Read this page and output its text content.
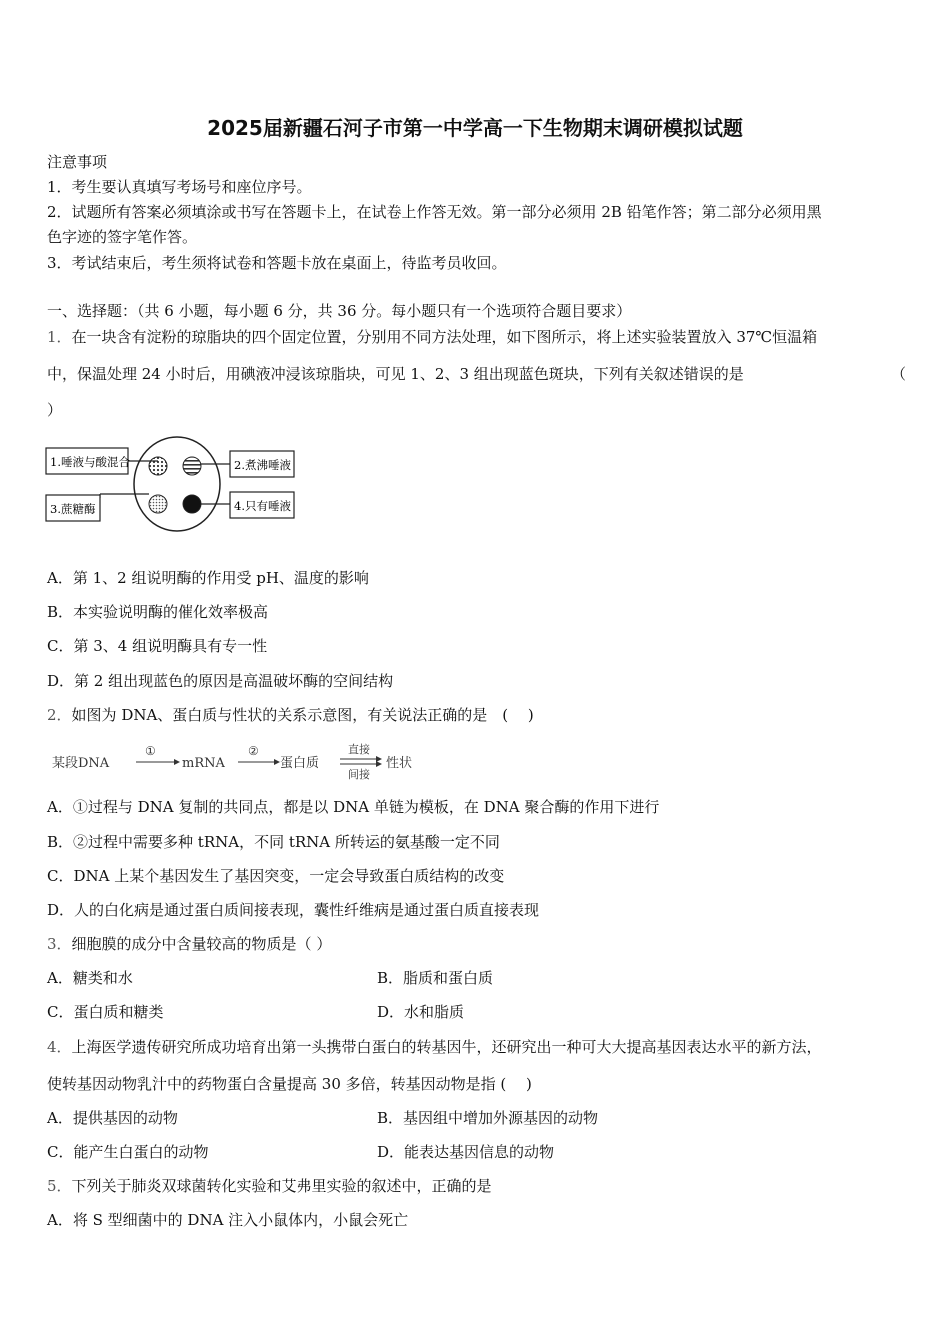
2025届新疆石河子市第一中学高一下生物期末调研模拟试题
注意事项
1．考生要认真填写考场号和座位序号。
2．试题所有答案必须填涂或书写在答题卡上，在试卷上作答无效。第一部分必须用 2B 铅笔作答；第二部分必须用黑
色字迹的签字笔作答。
3．考试结束后，考生须将试卷和答题卡放在桌面上，待监考员收回。
一、选择题：（共 6 小题，每小题 6 分，共 36 分。每小题只有一个选项符合题目要求）
1．在一块含有淀粉的琼脂块的四个固定位置，分别用不同方法处理，如下图所示，将上述实验装置放入 37℃恒温箱
中，保温处理 24 小时后，用碘液冲浸该琼脂块，可见 1、2、3 组出现蓝色斑块，下列有关叙述错误的是	（
）
1.唾液与酸混合	2.煮沸唾液
3.蔗糖酶	4.只有唾液
A．第 1、2 组说明酶的作用受 pH、温度的影响
B．本实验说明酶的催化效率极高
C．第 3、4 组说明酶具有专一性
D．第 2 组出现蓝色的原因是高温破坏酶的空间结构
2．如图为 DNA、蛋白质与性状的关系示意图，有关说法正确的是　(　 )
某段DNA
①
mRNA
②
蛋白质
直接
间接
性状
A．①过程与 DNA 复制的共同点，都是以 DNA 单链为模板，在 DNA 聚合酶的作用下进行
B．②过程中需要多种 tRNA，不同 tRNA 所转运的氨基酸一定不同
C．DNA 上某个基因发生了基因突变，一定会导致蛋白质结构的改变
D．人的白化病是通过蛋白质间接表现，囊性纤维病是通过蛋白质直接表现
3．细胞膜的成分中含量较高的物质是（ ）
A．糖类和水	B．脂质和蛋白质
C．蛋白质和糖类	D．水和脂质
4．上海医学遗传研究所成功培育出第一头携带白蛋白的转基因牛，还研究出一种可大大提高基因表达水平的新方法，
使转基因动物乳汁中的药物蛋白含量提高 30 多倍，转基因动物是指 (　 )
A．提供基因的动物	B．基因组中增加外源基因的动物
C．能产生白蛋白的动物	D．能表达基因信息的动物
5．下列关于肺炎双球菌转化实验和艾弗里实验的叙述中，正确的是
A．将 S 型细菌中的 DNA 注入小鼠体内，小鼠会死亡
